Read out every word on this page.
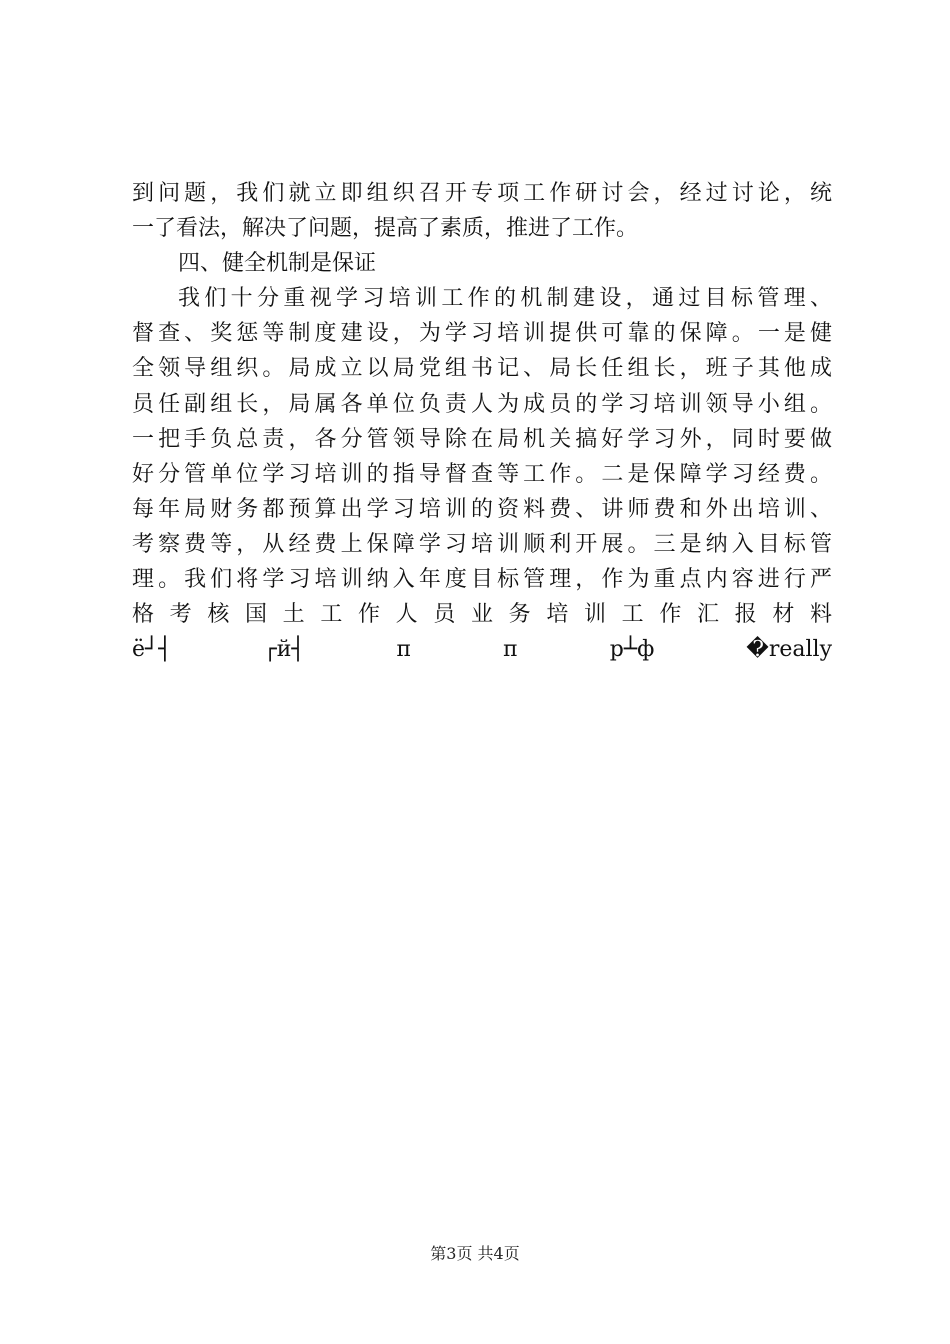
到问题，我们就立即组织召开专项工作研讨会，经过讨论，统
一了看法，解决了问题，提高了素质，推进了工作。
四、健全机制是保证
我们十分重视学习培训工作的机制建设，通过目标管理、
督查、奖惩等制度建设，为学习培训提供可靠的保障。一是健
全领导组织。局成立以局党组书记、局长任组长，班子其他成
员任副组长，局属各单位负责人为成员的学习培训领导小组。
一把手负总责，各分管领导除在局机关搞好学习外，同时要做
好分管单位学习培训的指导督查等工作。二是保障学习经费。
每年局财务都预算出学习培训的资料费、讲师费和外出培训、
考察费等，从经费上保障学习培训顺利开展。三是纳入目标管
理。我们将学习培训纳入年度目标管理，作为重点内容进行严
格考核国土工作人员业务培训工作汇报材料
ё┘┤ ┌й┤ п п р┴ф �really
第3页 共4页
